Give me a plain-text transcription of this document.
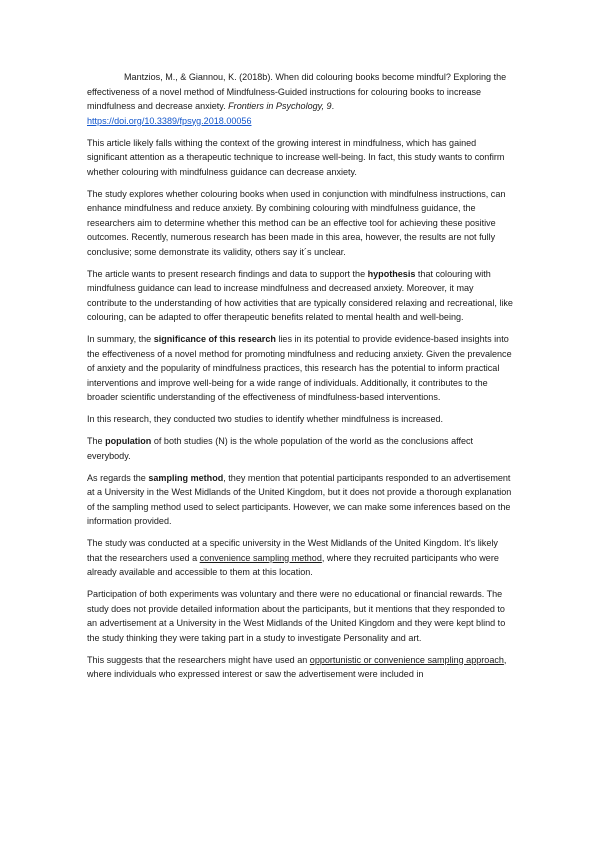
Mantzios, M., & Giannou, K. (2018b). When did colouring books become mindful? Exploring the effectiveness of a novel method of Mindfulness-Guided instructions for colouring books to increase mindfulness and decrease anxiety. Frontiers in Psychology, 9.
https://doi.org/10.3389/fpsyg.2018.00056

This article likely falls withing the context of the growing interest in mindfulness, which has gained significant attention as a therapeutic technique to increase well-being. In fact, this study wants to confirm whether colouring with mindfulness guidance can decrease anxiety.

The study explores whether colouring books when used in conjunction with mindfulness instructions, can enhance mindfulness and reduce anxiety. By combining colouring with mindfulness guidance, the researchers aim to determine whether this method can be an effective tool for achieving these positive outcomes. Recently, numerous research has been made in this area, however, the results are not fully conclusive; some demonstrate its validity, others say it´s unclear.

The article wants to present research findings and data to support the hypothesis that colouring with mindfulness guidance can lead to increase mindfulness and decreased anxiety. Moreover, it may contribute to the understanding of how activities that are typically considered relaxing and recreational, like colouring, can be adapted to offer therapeutic benefits related to mental health and well-being.

In summary, the significance of this research lies in its potential to provide evidence-based insights into the effectiveness of a novel method for promoting mindfulness and reducing anxiety. Given the prevalence of anxiety and the popularity of mindfulness practices, this research has the potential to inform practical interventions and improve well-being for a wide range of individuals. Additionally, it contributes to the broader scientific understanding of the effectiveness of mindfulness-based interventions.

In this research, they conducted two studies to identify whether mindfulness is increased.

The population of both studies (N) is the whole population of the world as the conclusions affect everybody.

As regards the sampling method, they mention that potential participants responded to an advertisement at a University in the West Midlands of the United Kingdom, but it does not provide a thorough explanation of the sampling method used to select participants. However, we can make some inferences based on the information provided.

The study was conducted at a specific university in the West Midlands of the United Kingdom. It's likely that the researchers used a convenience sampling method, where they recruited participants who were already available and accessible to them at this location.

Participation of both experiments was voluntary and there were no educational or financial rewards. The study does not provide detailed information about the participants, but it mentions that they responded to an advertisement at a University in the West Midlands of the United Kingdom and they were kept blind to the study thinking they were taking part in a study to investigate Personality and art.

This suggests that the researchers might have used an opportunistic or convenience sampling approach, where individuals who expressed interest or saw the advertisement were included in
